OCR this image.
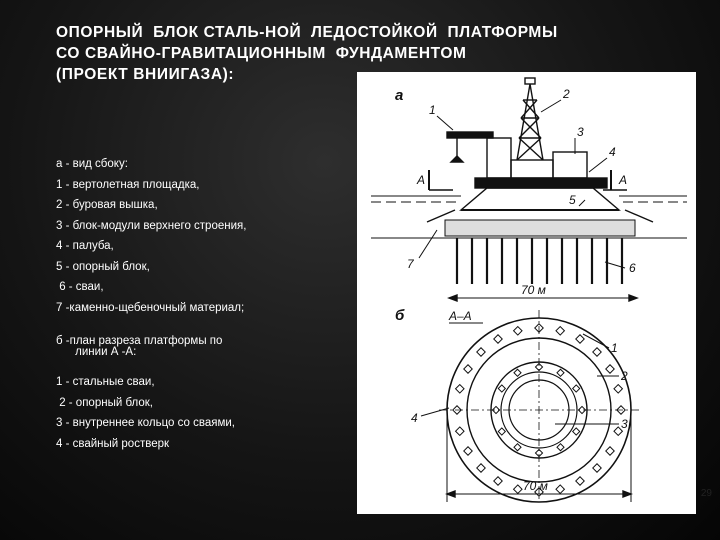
ОПОРНЫЙ  БЛОК СТАЛЬ-НОЙ  ЛЕДОСТОЙКОЙ  ПЛАТФОРМЫ
СО СВАЙНО-ГРАВИТАЦИОННЫМ  ФУНДАМЕНТОМ
(ПРОЕКТ ВНИИГАЗА):
а - вид сбоку:
1 - вертолетная площадка,
2 - буровая вышка,
3 - блок-модули верхнего строения,
4 - палуба,
5 - опорный блок,
6 - сваи,
7 -каменно-щебеночный материал;
б -план разреза платформы по
линии А -А:
1 - стальные сваи,
2 - опорный блок,
3 - внутреннее кольцо со сваями,
4 - свайный ростверк
а
А	А
70 м
А–А
б
70 м
1
2
3
4
5
6
7
1
2
3
4
29
